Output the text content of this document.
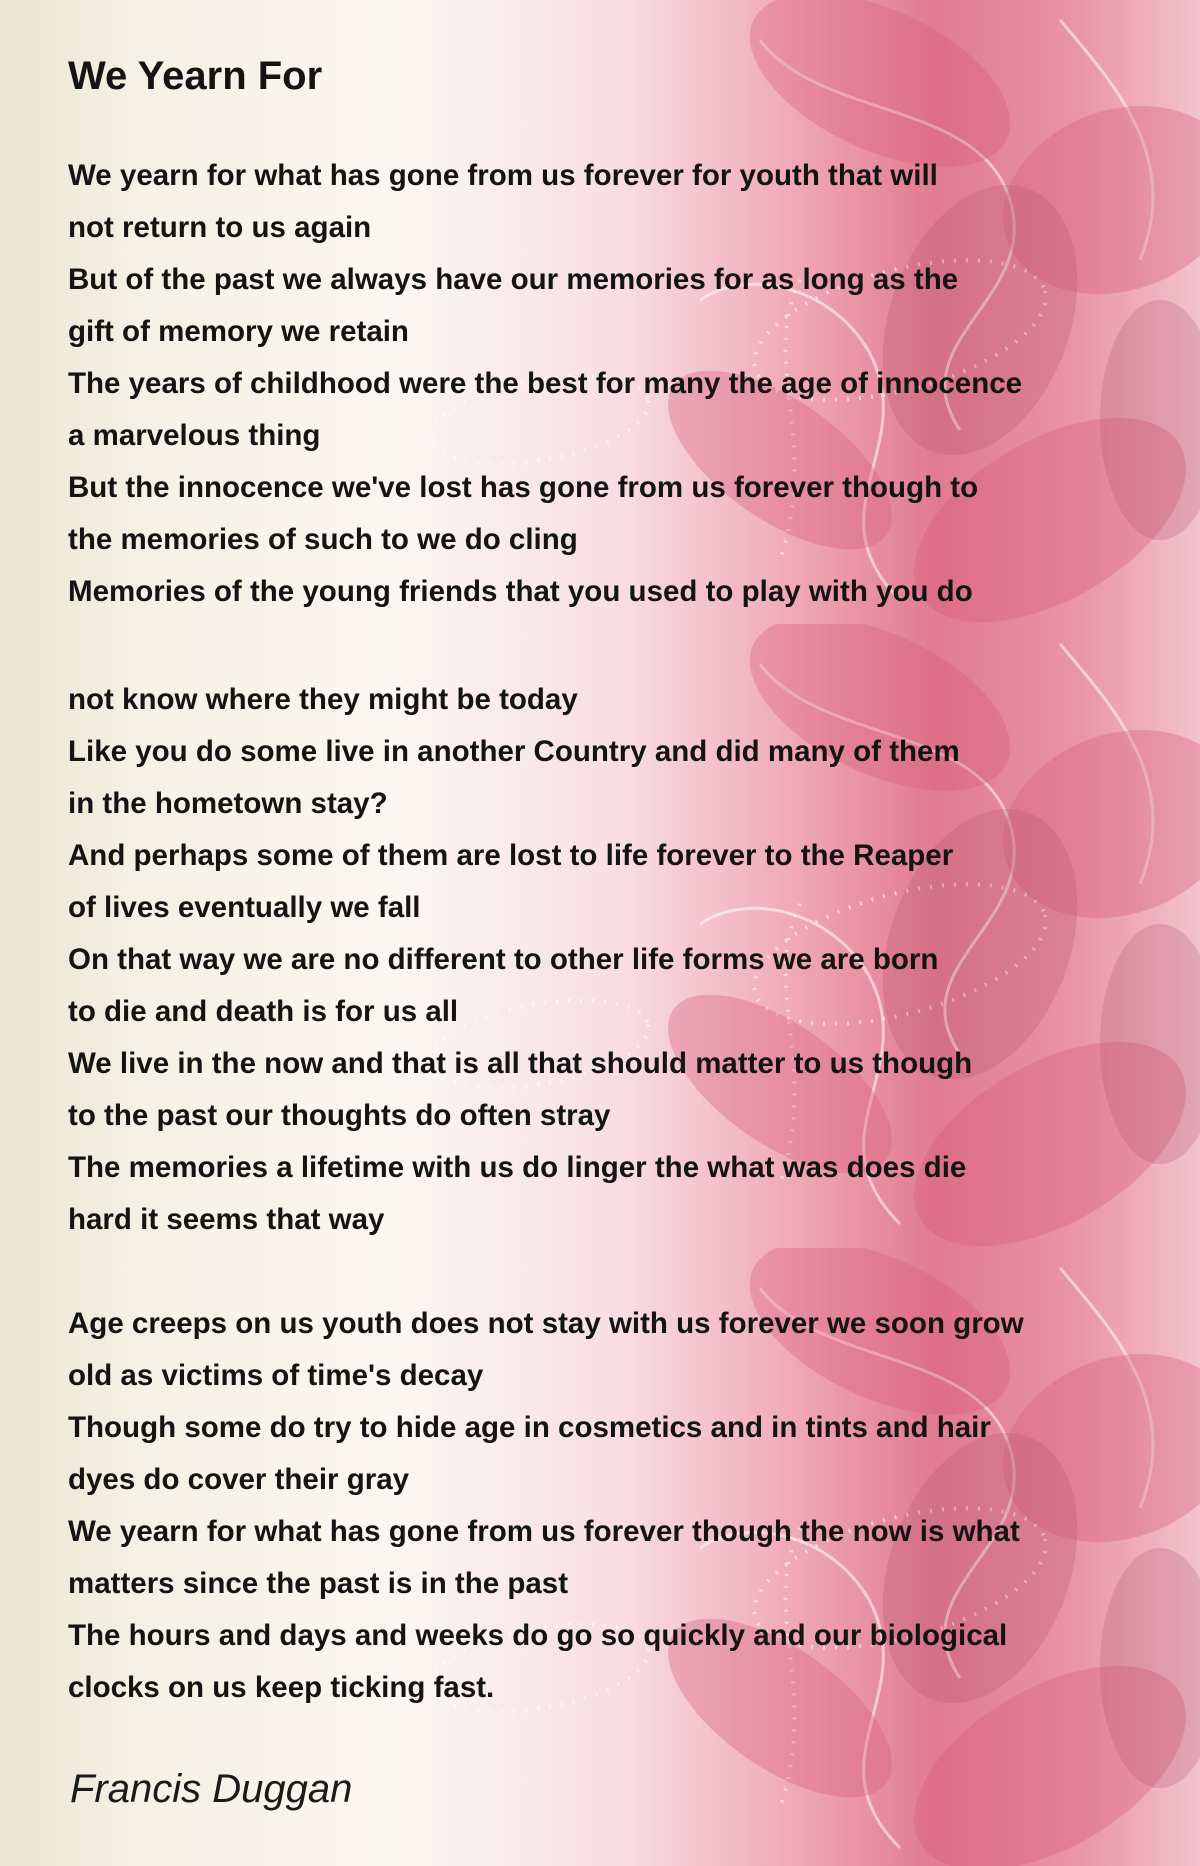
We Yearn For
We yearn for what has gone from us forever for youth that will
not return to us again
But of the past we always have our memories for as long as the
gift of memory we retain
The years of childhood were the best for many the age of innocence
a marvelous thing
But the innocence we've lost has gone from us forever though to
the memories of such to we do cling
Memories of the young friends that you used to play with you do
not know where they might be today
Like you do some live in another Country and did many of them
in the hometown stay?
And perhaps some of them are lost to life forever to the Reaper
of lives eventually we fall
On that way we are no different to other life forms we are born
to die and death is for us all
We live in the now and that is all that should matter to us though
to the past our thoughts do often stray
The memories a lifetime with us do linger the what was does die
hard it seems that way
Age creeps on us youth does not stay with us forever we soon grow
old as victims of time's decay
Though some do try to hide age in cosmetics and in tints and hair
dyes do cover their gray
We yearn for what has gone from us forever though the now is what
matters since the past is in the past
The hours and days and weeks do go so quickly and our biological
clocks on us keep ticking fast.
Francis Duggan
